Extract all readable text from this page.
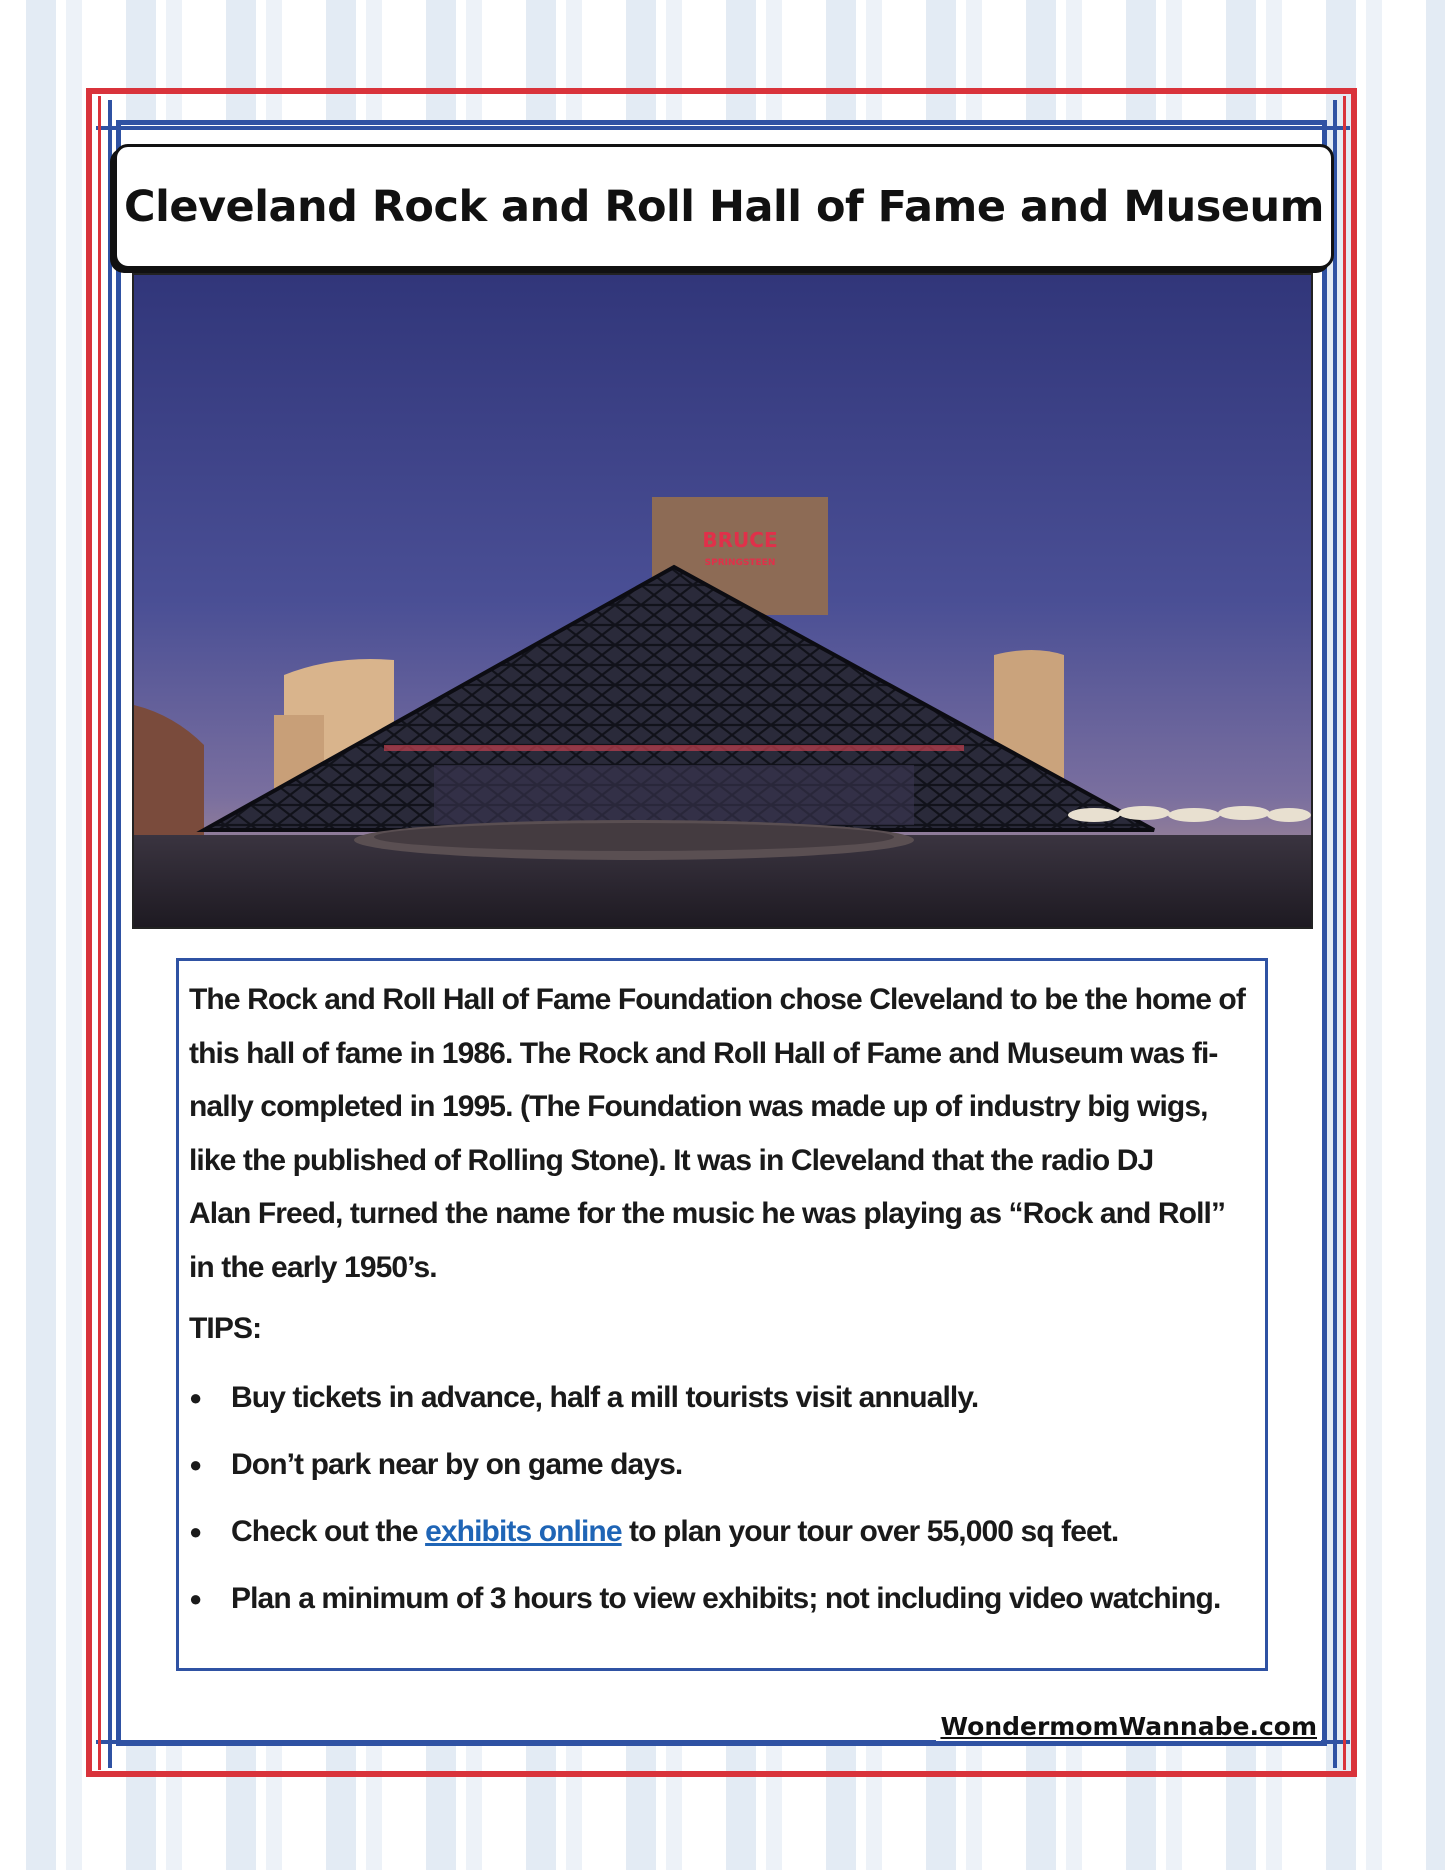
Cleveland Rock and Roll Hall of Fame and Museum
BRUCE
SPRINGSTEEN

The Rock and Roll Hall of Fame Foundation chose Cleveland to be the home of

this hall of fame in 1986. The Rock and Roll Hall of Fame and Museum was fi-

nally completed in 1995. (The Foundation was made up of industry big wigs,

like the published of Rolling Stone). It was in Cleveland that the radio DJ

Alan Freed, turned the name for the music he was playing as “Rock and Roll”

in the early 1950’s.

TIPS:

● Buy tickets in advance, half a mill tourists visit annually.
● Don’t park near by on game days.
● Check out the exhibits online to plan your tour over 55,000 sq feet.
● Plan a minimum of 3 hours to view exhibits; not including video watching.
WondermomWannabe.com
